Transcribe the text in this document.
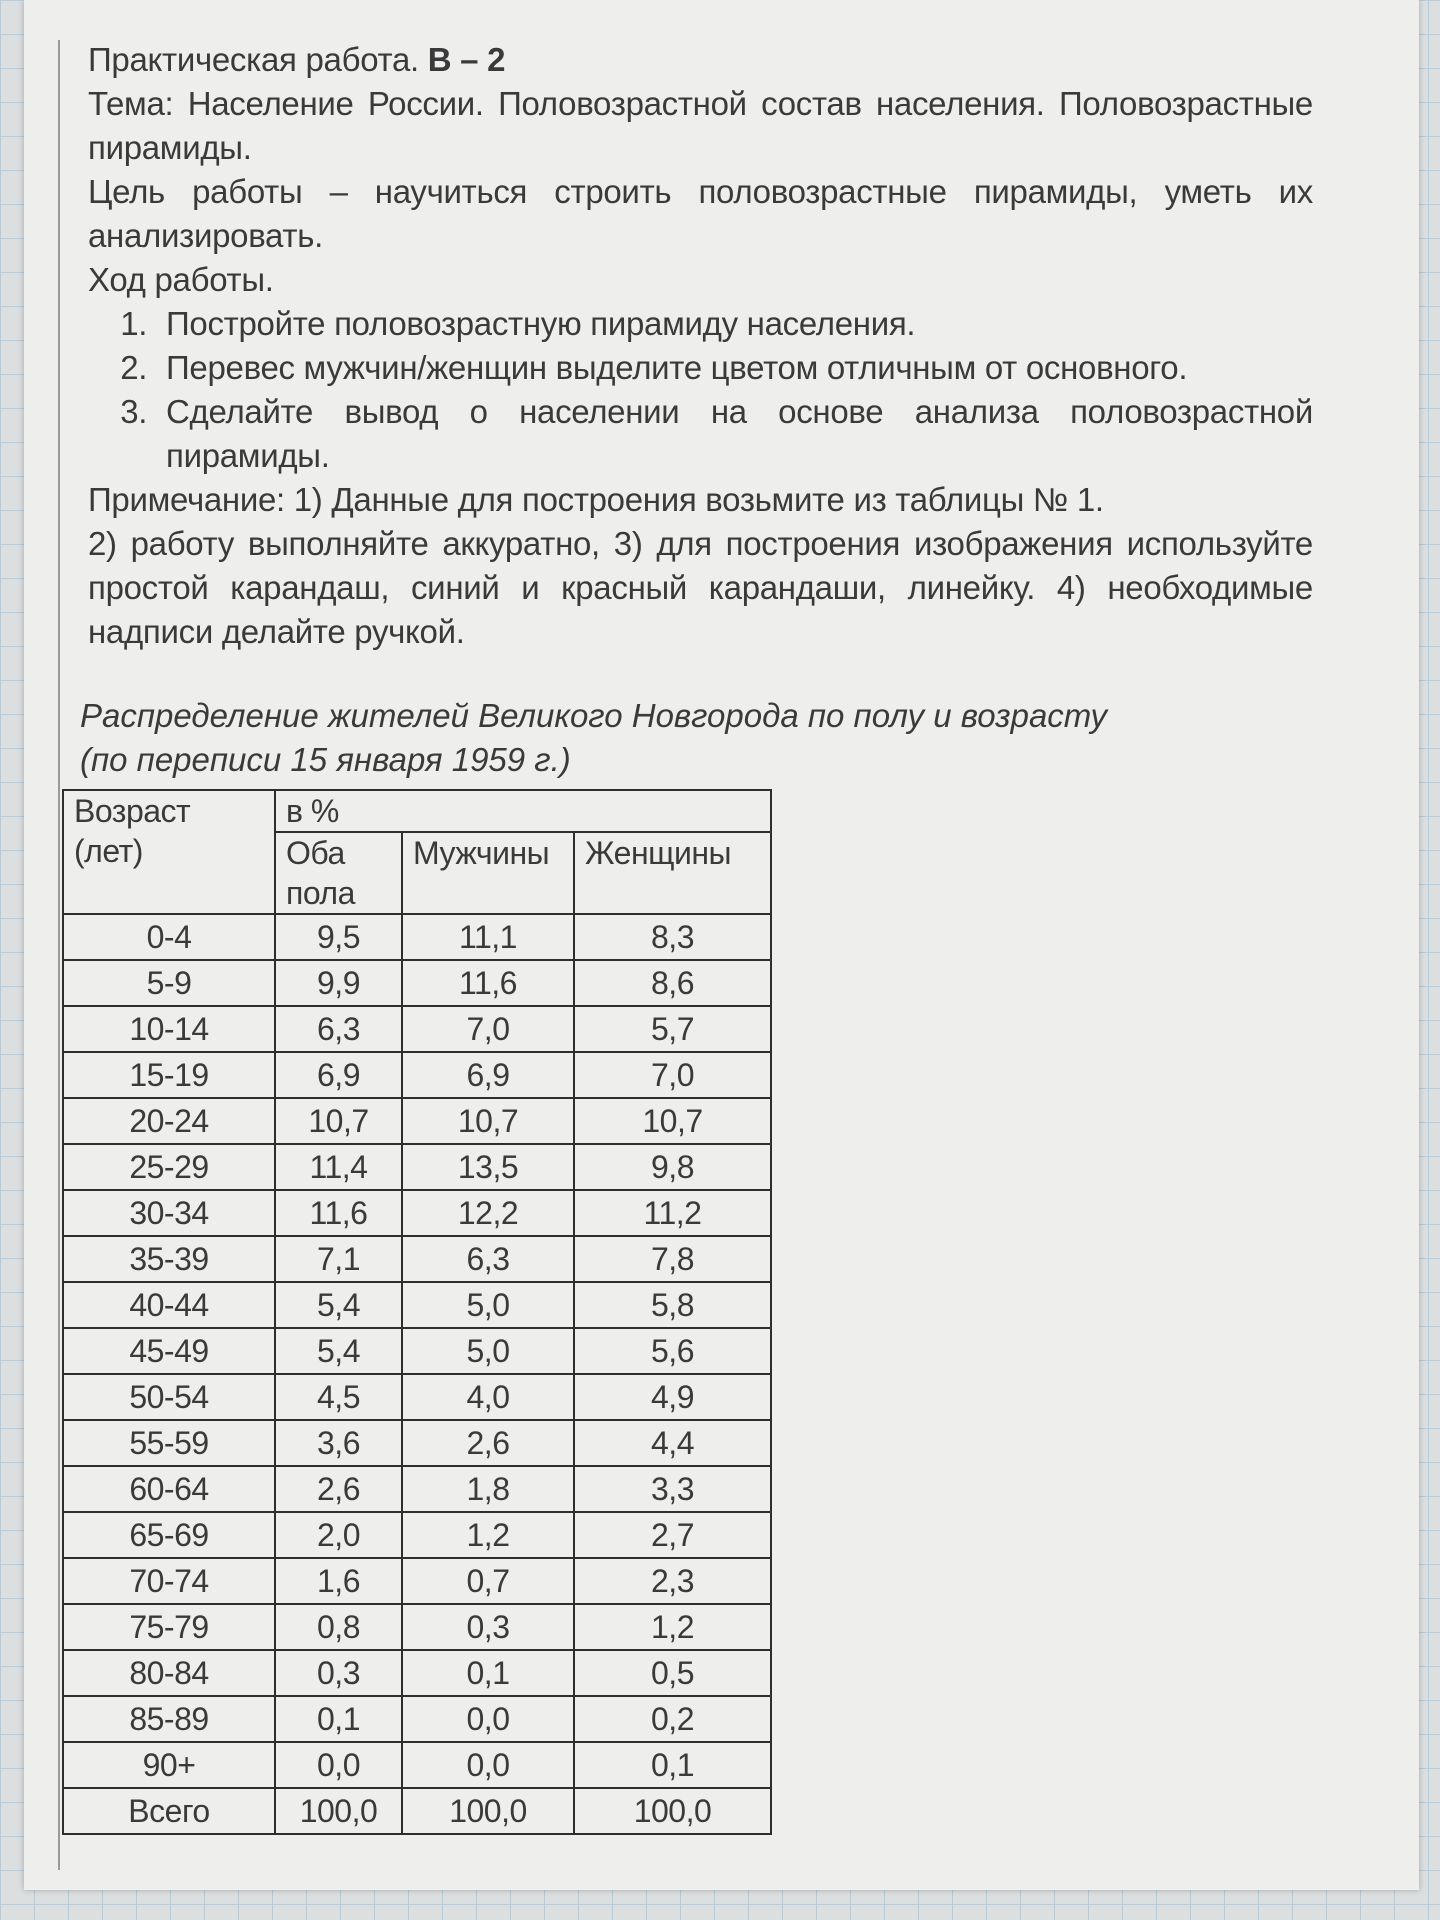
Практическая работа. В – 2

Тема: Население России. Половозрастной состав населения. Половозрастные пирамиды.

Цель работы – научиться строить половозрастные пирамиды, уметь их анализировать.

Ход работы.

1. Постройте половозрастную пирамиду населения.
2. Перевес мужчин/женщин выделите цветом отличным от основного.
3. Сделайте вывод о населении на основе анализа половозрастной пирамиды.

Примечание: 1) Данные для построения возьмите из таблицы № 1.

2) работу выполняйте аккуратно, 3) для построения изображения используйте простой карандаш, синий и красный карандаши, линейку. 4) необходимые надписи делайте ручкой.

Распределение жителей Великого Новгорода по полу и возрасту

(по переписи 15 января 1959 г.)

Возраст (лет)	в %		
	Оба пола	Мужчины	Женщины
0-4	9,5	11,1	8,3
5-9	9,9	11,6	8,6
10-14	6,3	7,0	5,7
15-19	6,9	6,9	7,0
20-24	10,7	10,7	10,7
25-29	11,4	13,5	9,8
30-34	11,6	12,2	11,2
35-39	7,1	6,3	7,8
40-44	5,4	5,0	5,8
45-49	5,4	5,0	5,6
50-54	4,5	4,0	4,9
55-59	3,6	2,6	4,4
60-64	2,6	1,8	3,3
65-69	2,0	1,2	2,7
70-74	1,6	0,7	2,3
75-79	0,8	0,3	1,2
80-84	0,3	0,1	0,5
85-89	0,1	0,0	0,2
90+	0,0	0,0	0,1
Всего	100,0	100,0	100,0
